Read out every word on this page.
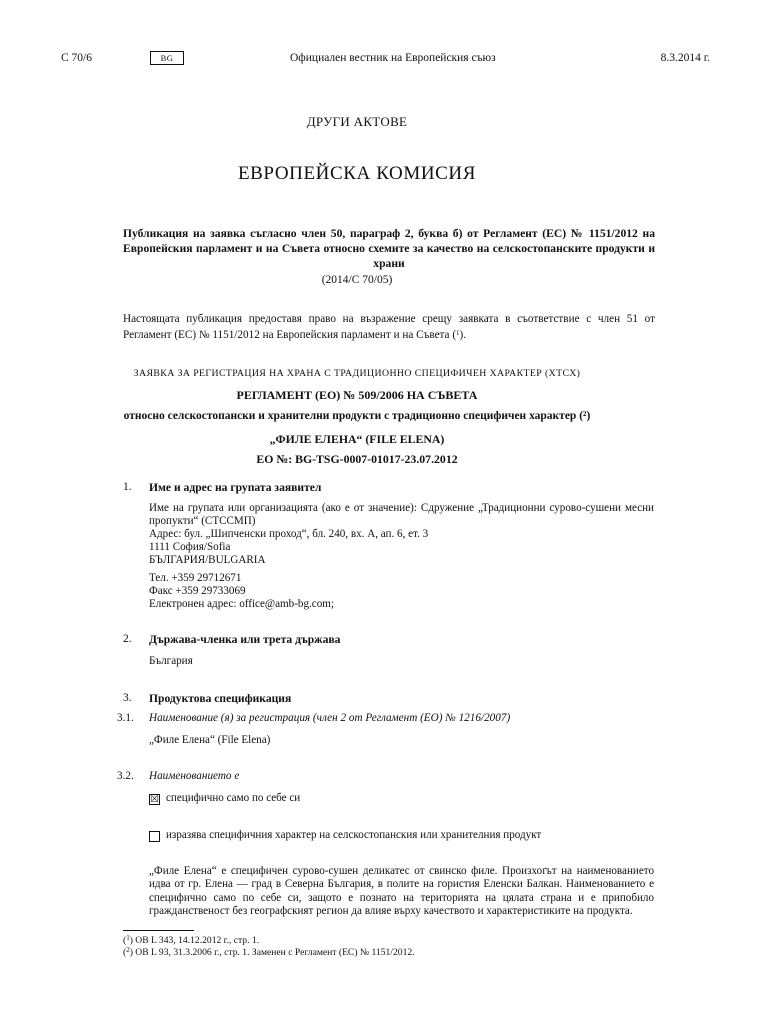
C 70/6	BG	Официален вестник на Европейския съюз	8.3.2014 г.
ДРУГИ АКТОВЕ
ЕВРОПЕЙСКА КОМИСИЯ
Публикация на заявка съгласно член 50, параграф 2, буква б) от Регламент (ЕС) № 1151/2012 на Европейския парламент и на Съвета относно схемите за качество на селскостопанските продукти и храни
(2014/C 70/05)
Настоящата публикация предоставя право на възражение срещу заявката в съответствие с член 51 от Регламент (ЕС) № 1151/2012 на Европейския парламент и на Съвета ($^1$).
ЗАЯВКА ЗА РЕГИСТРАЦИЯ НА ХРАНА С ТРАДИЦИОННО СПЕЦИФИЧЕН ХАРАКТЕР (ХТСХ)
РЕГЛАМЕНТ (ЕО) № 509/2006 НА СЪВЕТА
относно селскостопански и хранителни продукти с традиционно специфичен характер ($^2$)
„ФИЛЕ ЕЛЕНА“ (FILE ELENA)
ЕО №: BG-TSG-0007-01017-23.07.2012
1. Име и адрес на групата заявител
Име на групата или организацията (ако е от значение): Сдружение „Традиционни сурово-сушени месни пропукти“ (СТССМП)
Адрес: бул. „Шипченски проход“, бл. 240, вх. А, ап. 6, ет. 3
1111 София/Sofia
БЪЛГАРИЯ/BULGARIA
Тел. +359 29712671
Факс +359 29733069
Електронен адрес: office@amb-bg.com;
2. Държава-членка или трета държава
България
3. Продуктова спецификация
3.1. Наименование (я) за регистрация (член 2 от Регламент (ЕО) № 1216/2007)
„Филе Елена“ (File Elena)
3.2. Наименованието е
☒ специфично само по себе си
изразява специфичния характер на селскостопанския или хранителния продукт
„Филе Елена“ е специфичен сурово-сушен деликатес от свинско филе. Произхоґът на наименованието идва от гр. Елена — град в Северна България, в полите на гористия Еленски Балкан. Наименованието е специфично само по себе си, защото е познато на територията на цялата страна и е припобило гражданственост без географският регион да влияе върху качеството и характеристиките на продукта.
($^1$) ОВ L 343, 14.12.2012 г., стр. 1.
($^2$) ОВ L 93, 31.3.2006 г., стр. 1. Заменен с Регламент (ЕС) № 1151/2012.
